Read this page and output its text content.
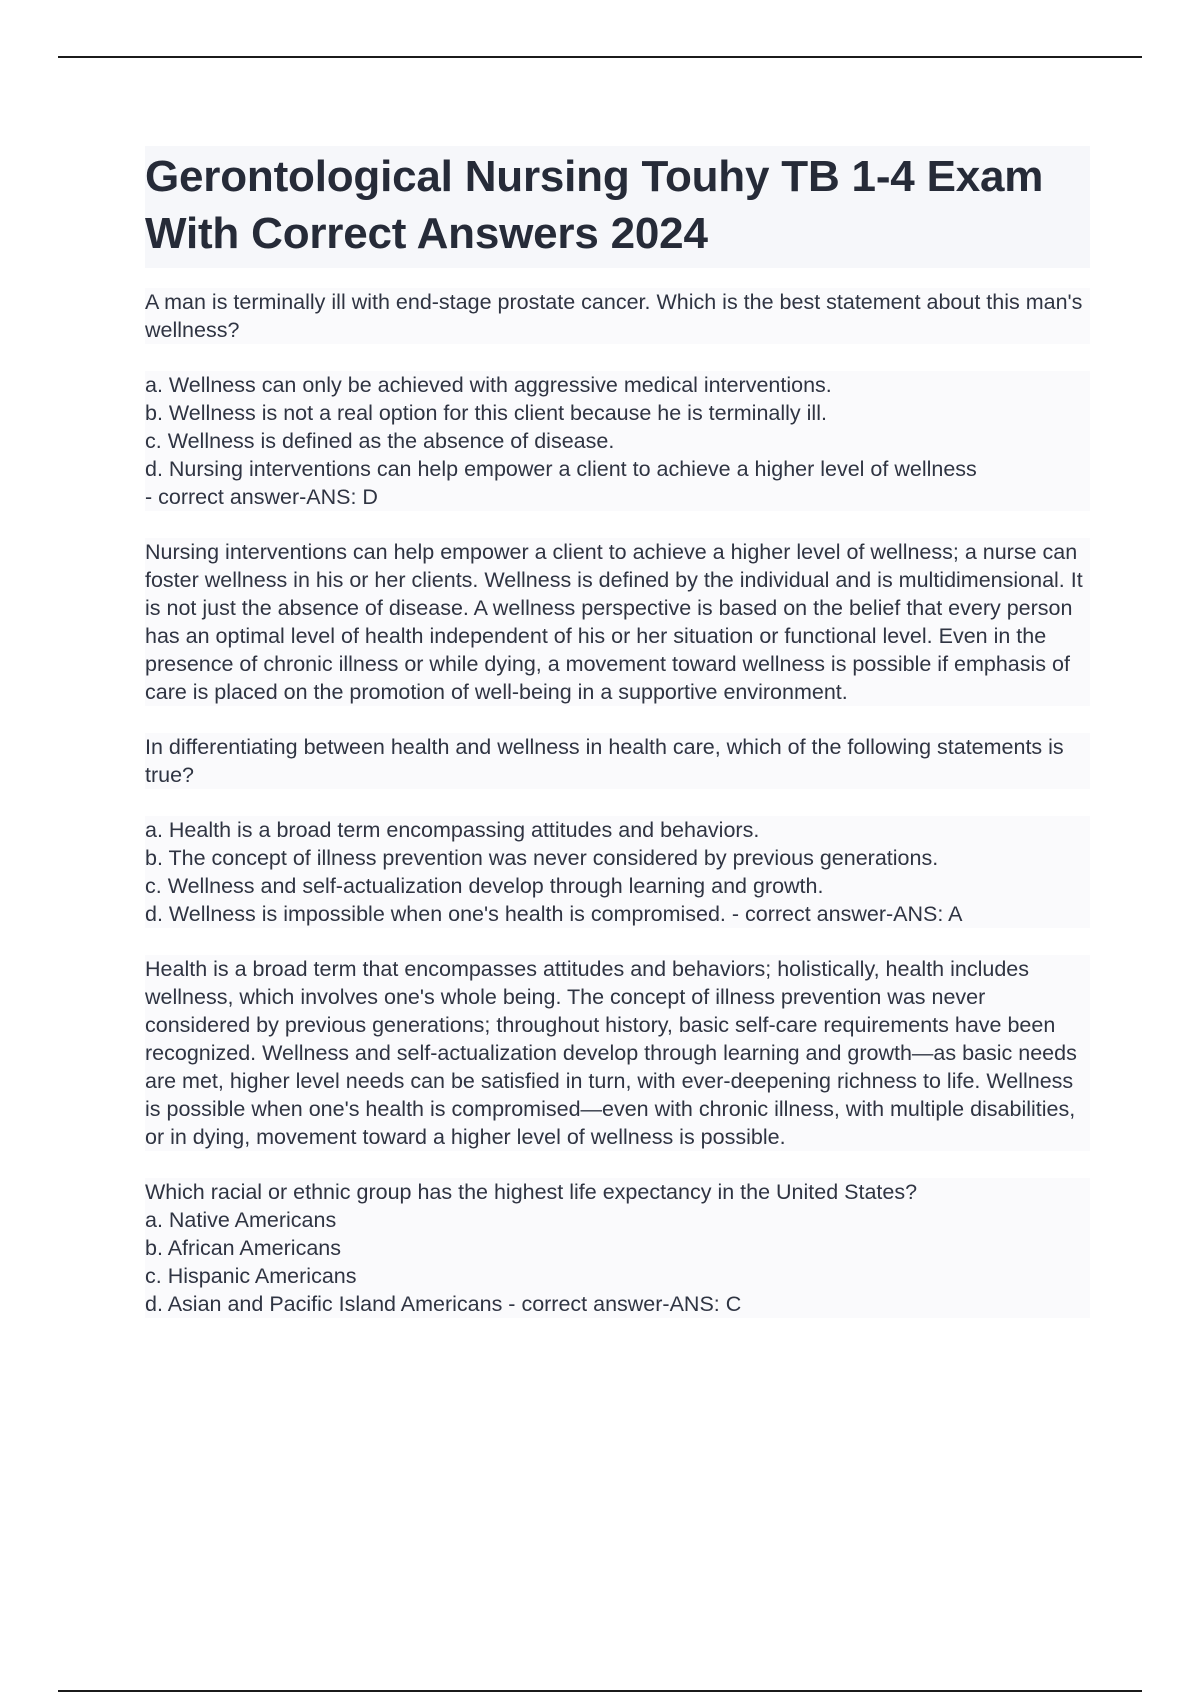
Gerontological Nursing Touhy TB 1-4 Exam With Correct Answers 2024

A man is terminally ill with end-stage prostate cancer. Which is the best statement about this man's wellness?

a. Wellness can only be achieved with aggressive medical interventions.
b. Wellness is not a real option for this client because he is terminally ill.
c. Wellness is defined as the absence of disease.
d. Nursing interventions can help empower a client to achieve a higher level of wellness
- correct answer-ANS: D

Nursing interventions can help empower a client to achieve a higher level of wellness; a nurse can foster wellness in his or her clients. Wellness is defined by the individual and is multidimensional. It is not just the absence of disease. A wellness perspective is based on the belief that every person has an optimal level of health independent of his or her situation or functional level. Even in the presence of chronic illness or while dying, a movement toward wellness is possible if emphasis of care is placed on the promotion of well-being in a supportive environment.

In differentiating between health and wellness in health care, which of the following statements is true?

a. Health is a broad term encompassing attitudes and behaviors.
b. The concept of illness prevention was never considered by previous generations.
c. Wellness and self-actualization develop through learning and growth.
d. Wellness is impossible when one's health is compromised. - correct answer-ANS: A

Health is a broad term that encompasses attitudes and behaviors; holistically, health includes wellness, which involves one's whole being. The concept of illness prevention was never considered by previous generations; throughout history, basic self-care requirements have been recognized. Wellness and self-actualization develop through learning and growth—as basic needs are met, higher level needs can be satisfied in turn, with ever-deepening richness to life. Wellness is possible when one's health is compromised—even with chronic illness, with multiple disabilities, or in dying, movement toward a higher level of wellness is possible.

Which racial or ethnic group has the highest life expectancy in the United States?
a. Native Americans
b. African Americans
c. Hispanic Americans
d. Asian and Pacific Island Americans - correct answer-ANS: C
